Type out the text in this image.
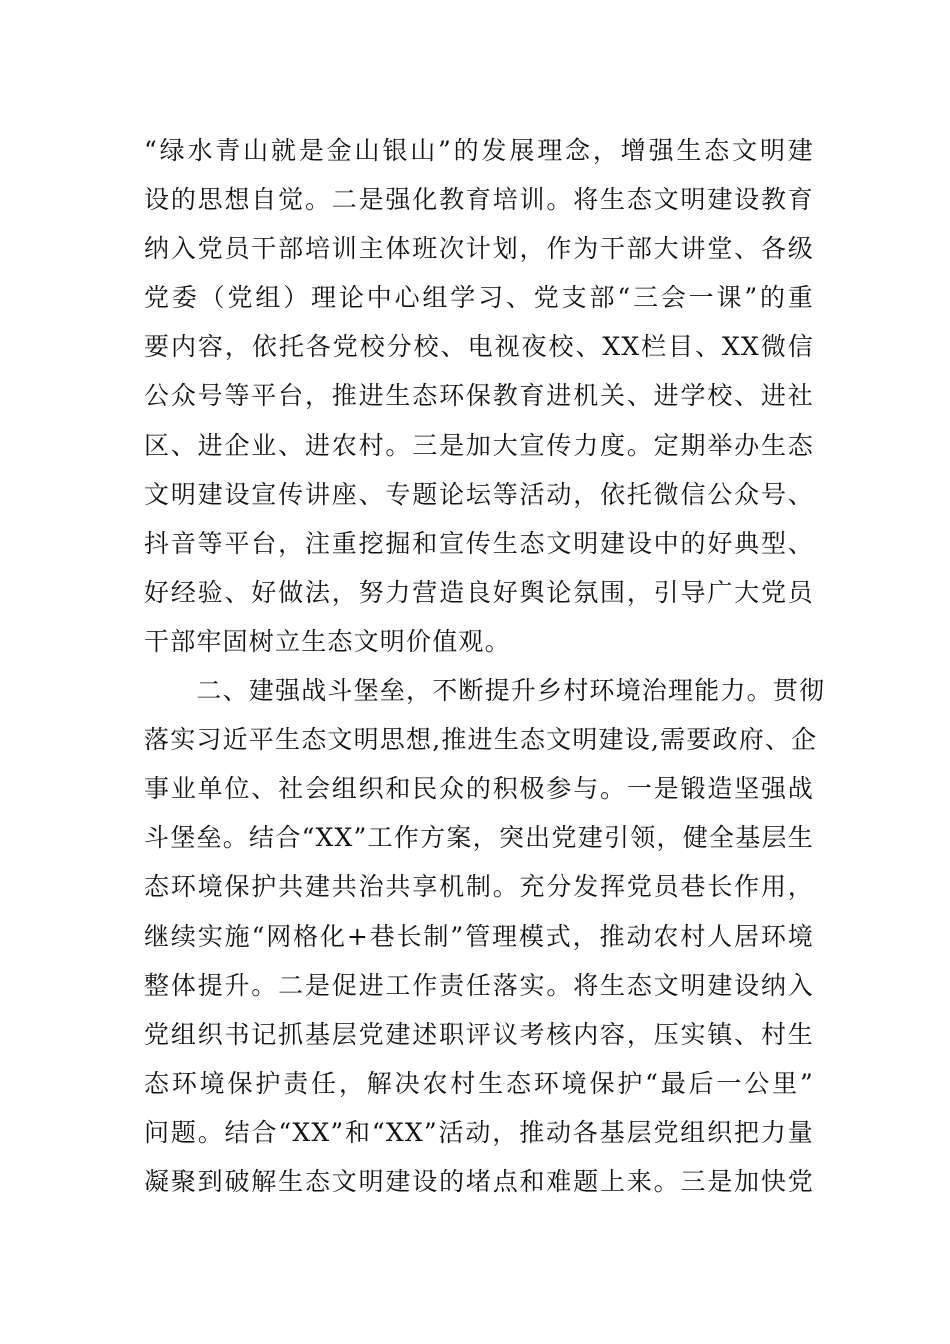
“绿水青山就是金山银山”的发展理念，增强生态文明建
设的思想自觉。二是强化教育培训。将生态文明建设教育
纳入党员干部培训主体班次计划，作为干部大讲堂、各级
党委（党组）理论中心组学习、党支部“三会一课”的重
要内容，依托各党校分校、电视夜校、XX栏目、XX微信
公众号等平台，推进生态环保教育进机关、进学校、进社
区、进企业、进农村。三是加大宣传力度。定期举办生态
文明建设宣传讲座、专题论坛等活动，依托微信公众号、
抖音等平台，注重挖掘和宣传生态文明建设中的好典型、
好经验、好做法，努力营造良好舆论氛围，引导广大党员
干部牢固树立生态文明价值观。
　　二、建强战斗堡垒，不断提升乡村环境治理能力。贯彻
落实习近平生态文明思想,推进生态文明建设,需要政府、企
事业单位、社会组织和民众的积极参与。一是锻造坚强战
斗堡垒。结合“XX”工作方案，突出党建引领，健全基层生
态环境保护共建共治共享机制。充分发挥党员巷长作用，
继续实施“网格化+巷长制”管理模式，推动农村人居环境
整体提升。二是促进工作责任落实。将生态文明建设纳入
党组织书记抓基层党建述职评议考核内容，压实镇、村生
态环境保护责任，解决农村生态环境保护“最后一公里”
问题。结合“XX”和“XX”活动，推动各基层党组织把力量
凝聚到破解生态文明建设的堵点和难题上来。三是加快党
